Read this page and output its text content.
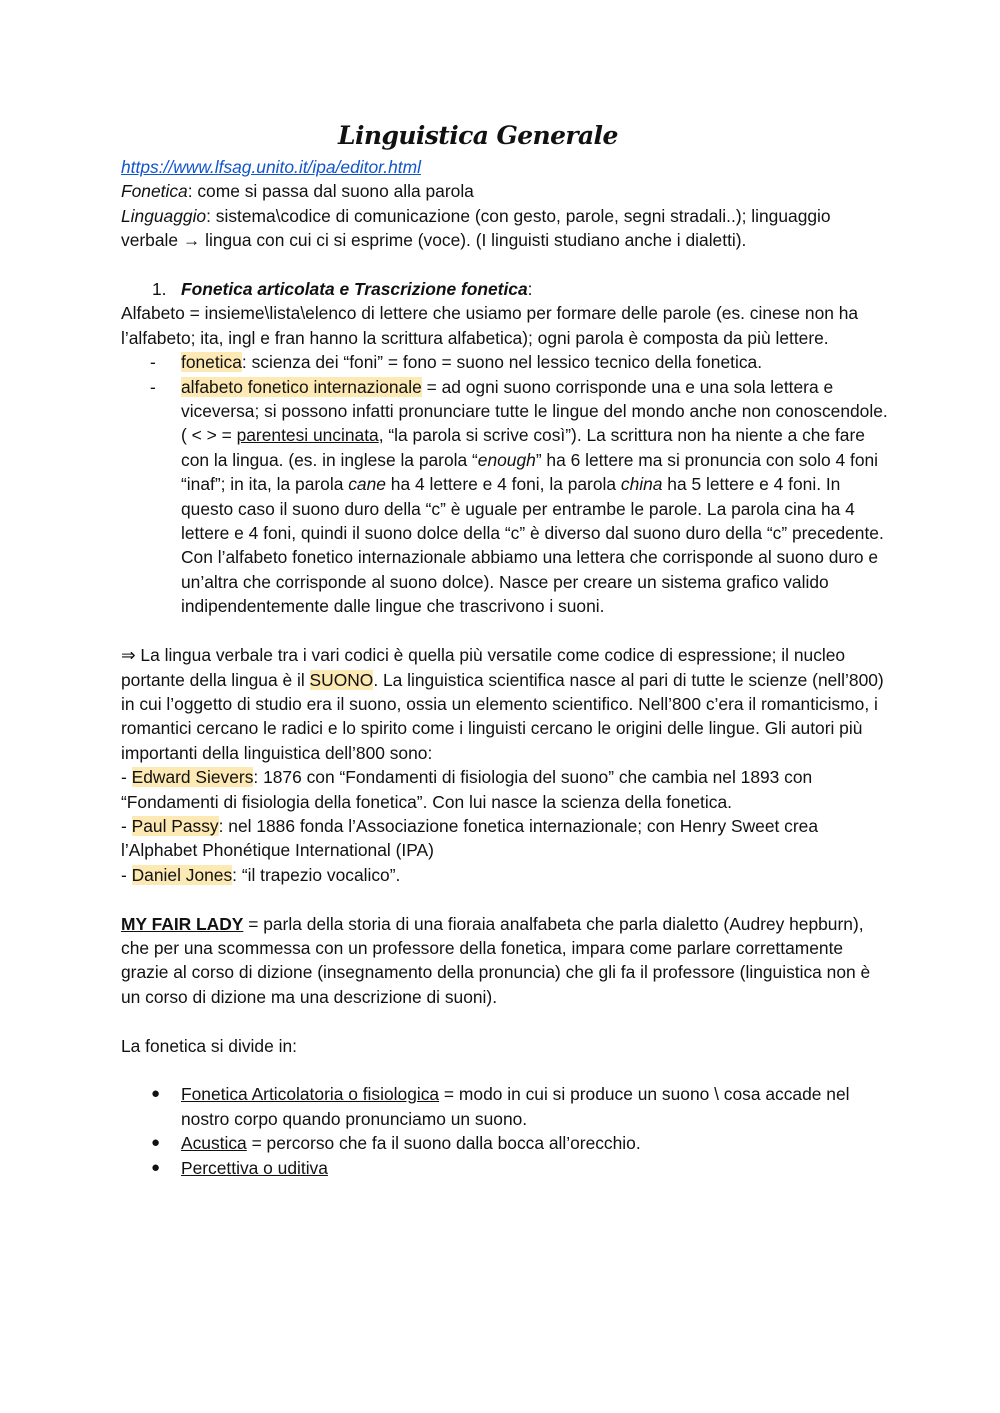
Linguistica Generale

https://www.lfsag.unito.it/ipa/editor.html

Fonetica: come si passa dal suono alla parola

Linguaggio: sistema\codice di comunicazione (con gesto, parole, segni stradali..); linguaggio verbale → lingua con cui ci si esprime (voce). (I linguisti studiano anche i dialetti).

1. Fonetica articolata e Trascrizione fonetica:

Alfabeto = insieme\lista\elenco di lettere che usiamo per formare delle parole (es. cinese non ha l’alfabeto; ita, ingl e fran hanno la scrittura alfabetica); ogni parola è composta da più lettere.

- fonetica: scienza dei “foni” = fono = suono nel lessico tecnico della fonetica.

- alfabeto fonetico internazionale = ad ogni suono corrisponde una e una sola lettera e viceversa; si possono infatti pronunciare tutte le lingue del mondo anche non conoscendole. ( < > = parentesi uncinata, “la parola si scrive così”). La scrittura non ha niente a che fare con la lingua. (es. in inglese la parola “enough” ha 6 lettere ma si pronuncia con solo 4 foni “inaf”; in ita, la parola cane ha 4 lettere e 4 foni, la parola china ha 5 lettere e 4 foni. In questo caso il suono duro della “c” è uguale per entrambe le parole. La parola cina ha 4 lettere e 4 foni, quindi il suono dolce della “c” è diverso dal suono duro della “c” precedente. Con l’alfabeto fonetico internazionale abbiamo una lettera che corrisponde al suono duro e un’altra che corrisponde al suono dolce). Nasce per creare un sistema grafico valido indipendentemente dalle lingue che trascrivono i suoni.

⇒ La lingua verbale tra i vari codici è quella più versatile come codice di espressione; il nucleo portante della lingua è il SUONO. La linguistica scientifica nasce al pari di tutte le scienze (nell’800) in cui l’oggetto di studio era il suono, ossia un elemento scientifico. Nell’800 c’era il romanticismo, i romantici cercano le radici e lo spirito come i linguisti cercano le origini delle lingue. Gli autori più importanti della linguistica dell’800 sono:

- Edward Sievers: 1876 con “Fondamenti di fisiologia del suono” che cambia nel 1893 con “Fondamenti di fisiologia della fonetica”. Con lui nasce la scienza della fonetica.

- Paul Passy: nel 1886 fonda l’Associazione fonetica internazionale; con Henry Sweet crea l’Alphabet Phonétique International (IPA)

- Daniel Jones: “il trapezio vocalico”.

MY FAIR LADY = parla della storia di una fioraia analfabeta che parla dialetto (Audrey hepburn), che per una scommessa con un professore della fonetica, impara come parlare correttamente grazie al corso di dizione (insegnamento della pronuncia) che gli fa il professore (linguistica non è un corso di dizione ma una descrizione di suoni).

La fonetica si divide in:

● Fonetica Articolatoria o fisiologica = modo in cui si produce un suono \ cosa accade nel nostro corpo quando pronunciamo un suono.

● Acustica = percorso che fa il suono dalla bocca all’orecchio.

● Percettiva o uditiva
